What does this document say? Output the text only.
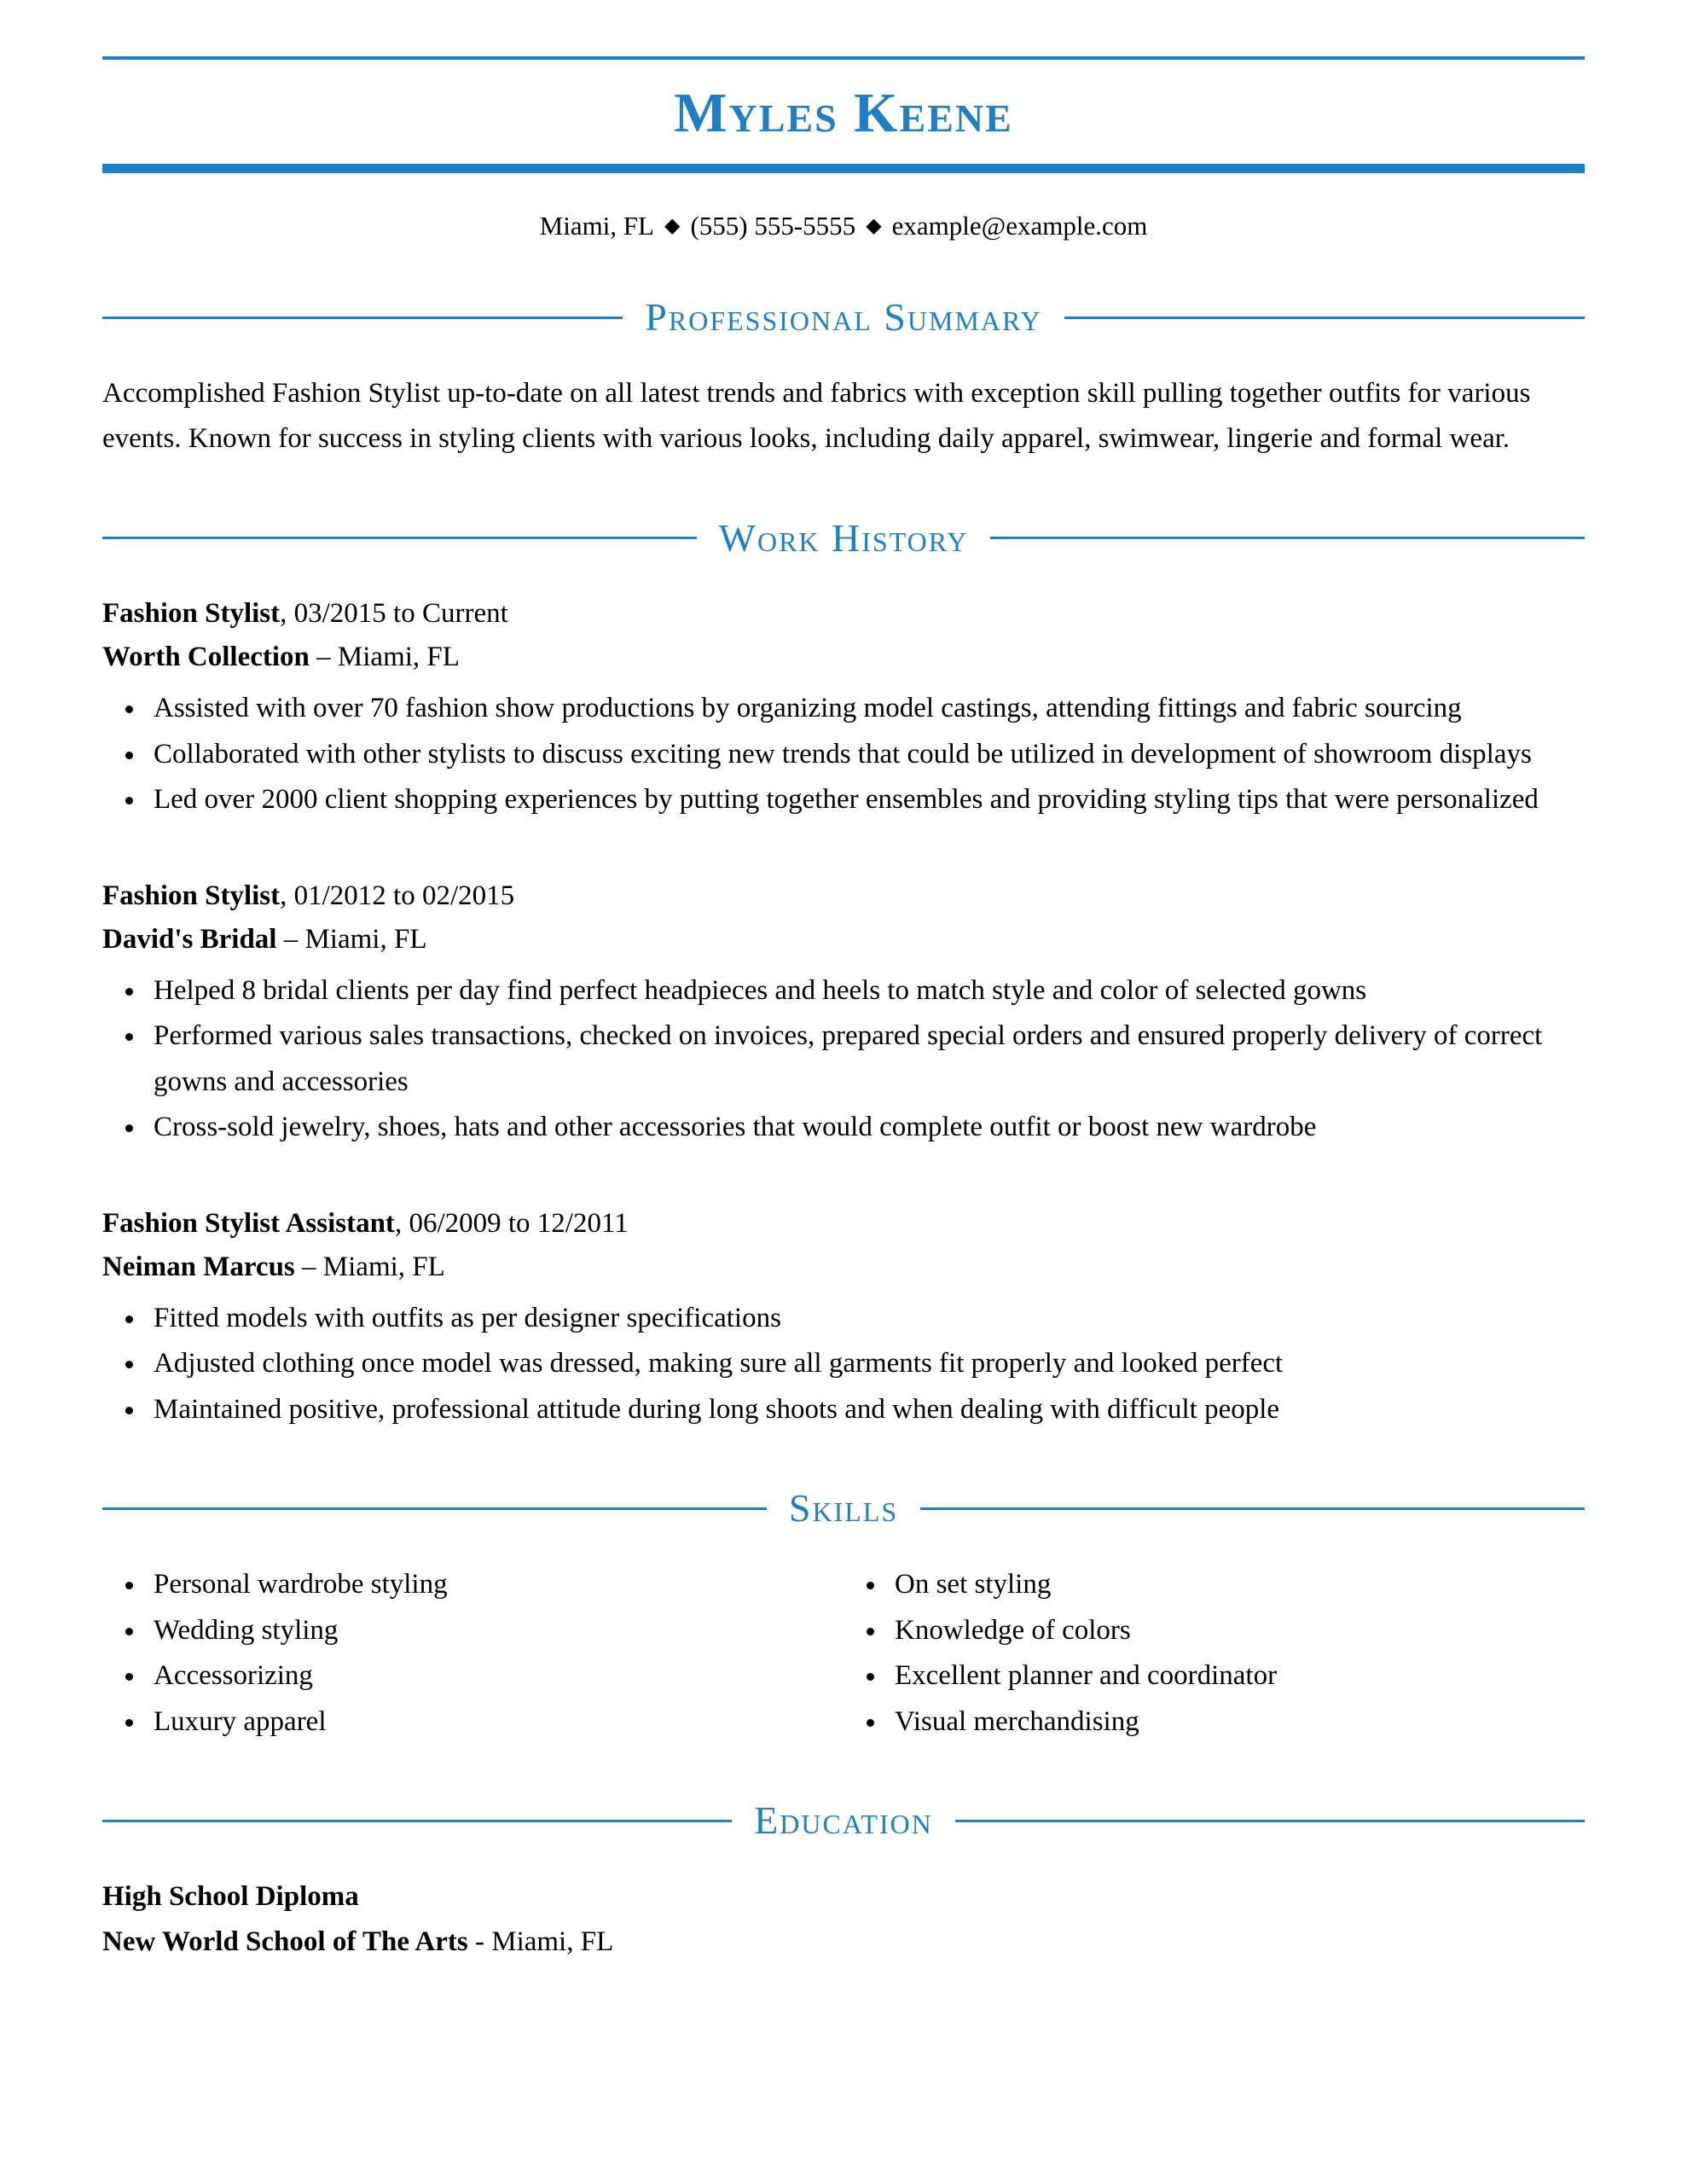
Myles Keene
Miami, FL ◆ (555) 555-5555 ◆ example@example.com
Professional Summary

Accomplished Fashion Stylist up-to-date on all latest trends and fabrics with exception skill pulling together outfits for various events. Known for success in styling clients with various looks, including daily apparel, swimwear, lingerie and formal wear.

Work History

Fashion Stylist, 03/2015 to Current

Worth Collection – Miami, FL

• Assisted with over 70 fashion show productions by organizing model castings, attending fittings and fabric sourcing
• Collaborated with other stylists to discuss exciting new trends that could be utilized in development of showroom displays
• Led over 2000 client shopping experiences by putting together ensembles and providing styling tips that were personalized

Fashion Stylist, 01/2012 to 02/2015

David's Bridal – Miami, FL

• Helped 8 bridal clients per day find perfect headpieces and heels to match style and color of selected gowns
• Performed various sales transactions, checked on invoices, prepared special orders and ensured properly delivery of correct gowns and accessories
• Cross-sold jewelry, shoes, hats and other accessories that would complete outfit or boost new wardrobe

Fashion Stylist Assistant, 06/2009 to 12/2011

Neiman Marcus – Miami, FL

• Fitted models with outfits as per designer specifications
• Adjusted clothing once model was dressed, making sure all garments fit properly and looked perfect
• Maintained positive, professional attitude during long shoots and when dealing with difficult people
Skills
• Personal wardrobe styling
• Wedding styling
• Accessorizing
• Luxury apparel
• On set styling
• Knowledge of colors
• Excellent planner and coordinator
• Visual merchandising
Education
High School Diploma
New World School of The Arts - Miami, FL
